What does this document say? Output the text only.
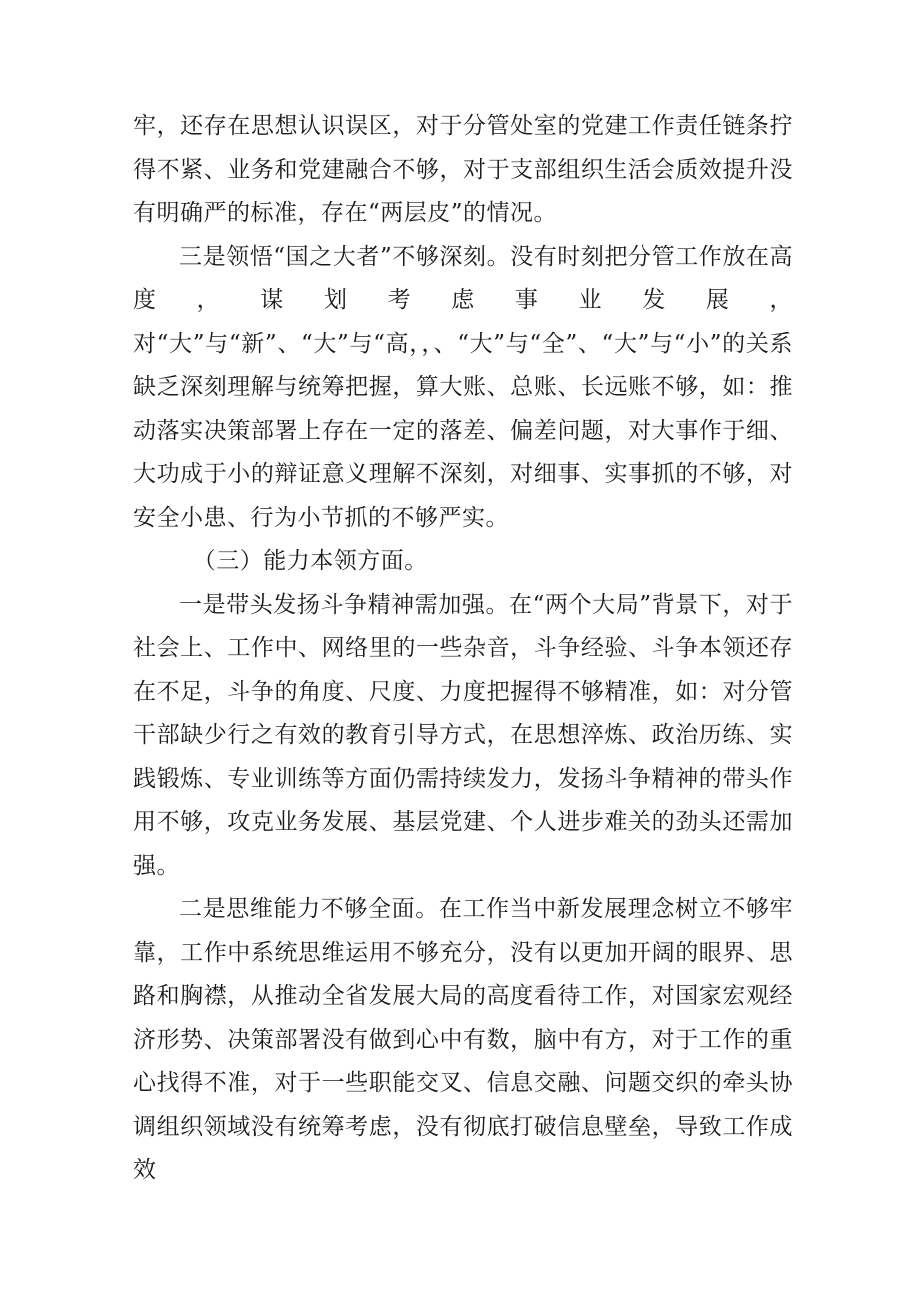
牢，还存在思想认识误区，对于分管处室的党建工作责任链条拧得不紧、业务和党建融合不够，对于支部组织生活会质效提升没有明确严的标准，存在“两层皮”的情况。

三是领悟“国之大者”不够深刻。没有时刻把分管工作放在高度，谋划考虑事业发展，对“大”与“新”、“大”与“高，，、“大”与“全”、“大”与“小”的关系缺乏深刻理解与统筹把握，算大账、总账、长远账不够，如：推动落实决策部署上存在一定的落差、偏差问题，对大事作于细、大功成于小的辩证意义理解不深刻，对细事、实事抓的不够，对安全小患、行为小节抓的不够严实。

（三）能力本领方面。

一是带头发扬斗争精神需加强。在“两个大局”背景下，对于社会上、工作中、网络里的一些杂音，斗争经验、斗争本领还存在不足，斗争的角度、尺度、力度把握得不够精准，如：对分管干部缺少行之有效的教育引导方式，在思想淬炼、政治历练、实践锻炼、专业训练等方面仍需持续发力，发扬斗争精神的带头作用不够，攻克业务发展、基层党建、个人进步难关的劲头还需加强。

二是思维能力不够全面。在工作当中新发展理念树立不够牢靠，工作中系统思维运用不够充分，没有以更加开阔的眼界、思路和胸襟，从推动全省发展大局的高度看待工作，对国家宏观经济形势、决策部署没有做到心中有数，脑中有方，对于工作的重心找得不准，对于一些职能交叉、信息交融、问题交织的牵头协调组织领域没有统筹考虑，没有彻底打破信息壁垒，导致工作成效
